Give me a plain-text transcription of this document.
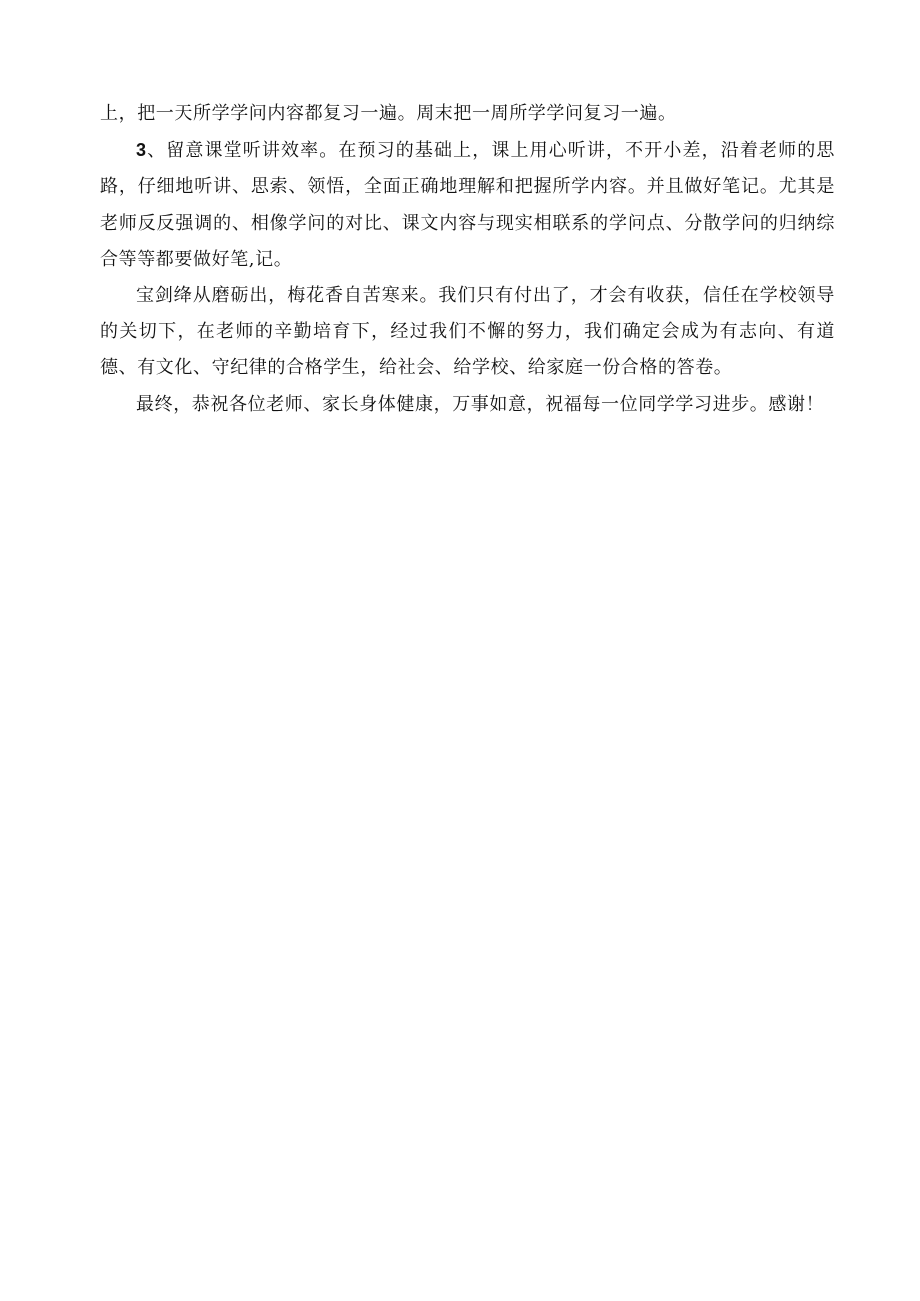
上，把一天所学学问内容都复习一遍。周末把一周所学学问复习一遍。

3、留意课堂听讲效率。在预习的基础上，课上用心听讲，不开小差，沿着老师的思路，仔细地听讲、思索、领悟，全面正确地理解和把握所学内容。并且做好笔记。尤其是老师反反强调的、相像学问的对比、课文内容与现实相联系的学问点、分散学问的归纳综合等等都要做好笔,记。

宝剑绛从磨砺出，梅花香自苦寒来。我们只有付出了，才会有收获，信任在学校领导的关切下，在老师的辛勤培育下，经过我们不懈的努力，我们确定会成为有志向、有道德、有文化、守纪律的合格学生，给社会、给学校、给家庭一份合格的答卷。

最终，恭祝各位老师、家长身体健康，万事如意，祝福每一位同学学习进步。感谢！
